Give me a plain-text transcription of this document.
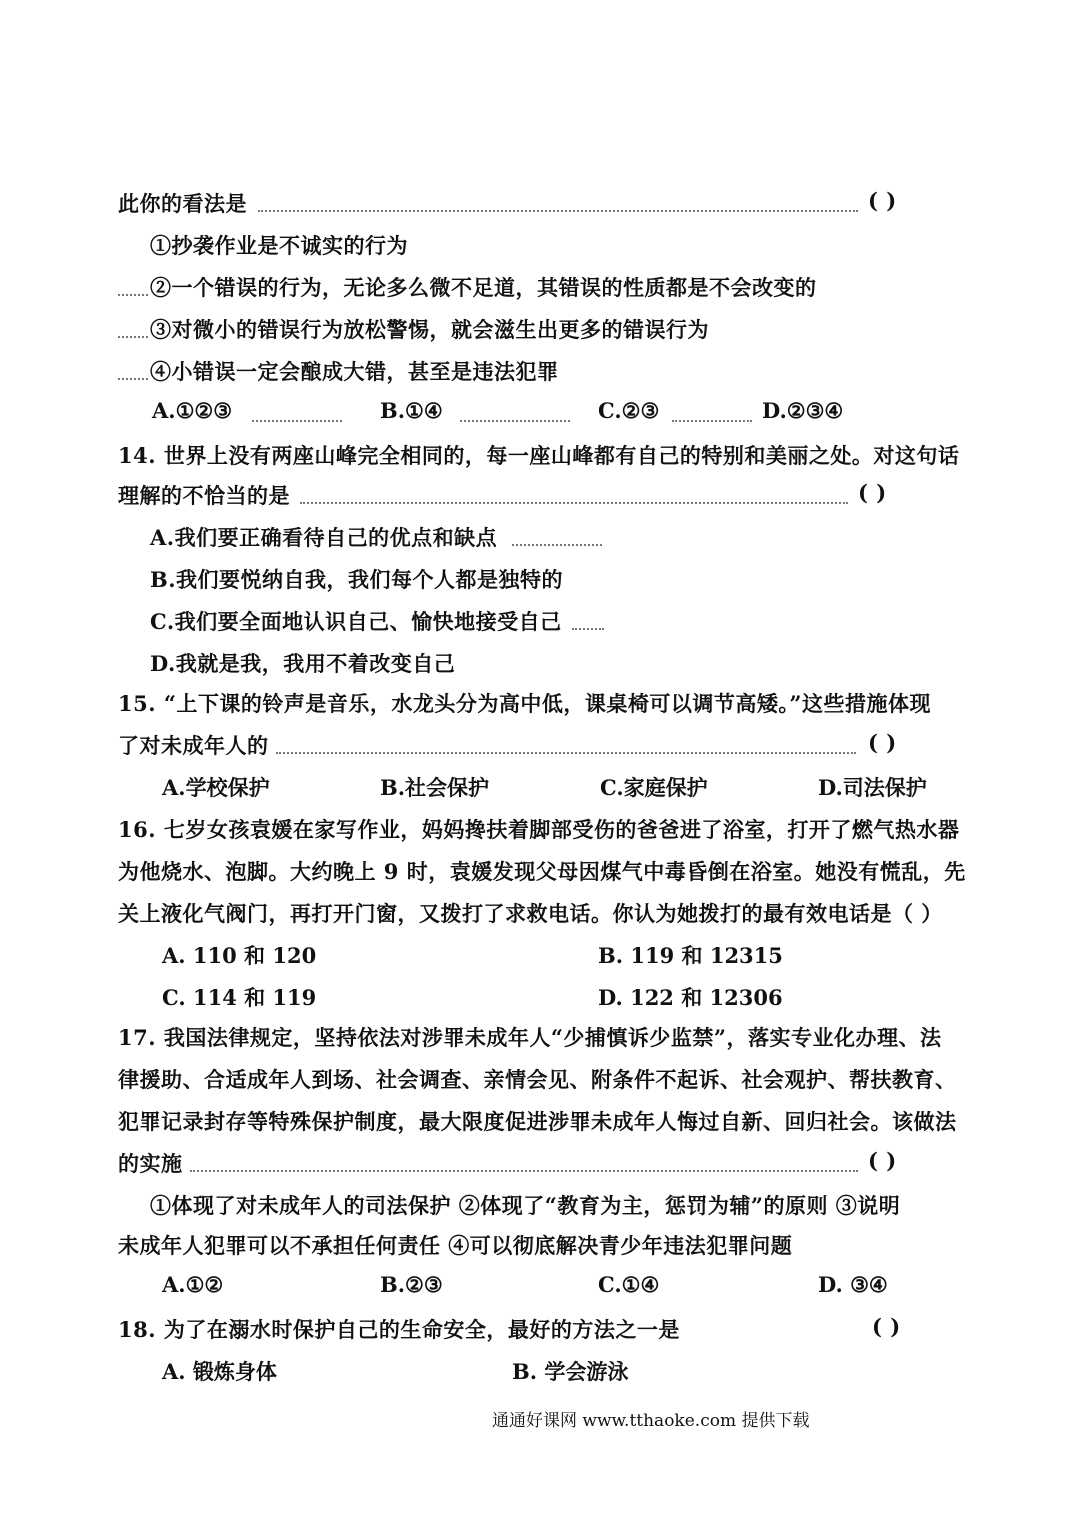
此你的看法是	( )
①抄袭作业是不诚实的行为
②一个错误的行为，无论多么微不足道，其错误的性质都是不会改变的
③对微小的错误行为放松警惕，就会滋生出更多的错误行为
④小错误一定会酿成大错，甚至是违法犯罪
A.①②③	B.①④	C.②③	D.②③④
14. 世界上没有两座山峰完全相同的，每一座山峰都有自己的特别和美丽之处。对这句话
理解的不恰当的是	( )
A.我们要正确看待自己的优点和缺点
B.我们要悦纳自我，我们每个人都是独特的
C.我们要全面地认识自己、愉快地接受自己
D.我就是我，我用不着改变自己
15. “上下课的铃声是音乐，水龙头分为高中低，课桌椅可以调节高矮。”这些措施体现
了对未成年人的	( )
A.学校保护	B.社会保护	C.家庭保护	D.司法保护
16. 七岁女孩袁媛在家写作业，妈妈搀扶着脚部受伤的爸爸进了浴室，打开了燃气热水器
为他烧水、泡脚。大约晚上 9 时，袁媛发现父母因煤气中毒昏倒在浴室。她没有慌乱，先
关上液化气阀门，再打开门窗，又拨打了求救电话。你认为她拨打的最有效电话是（ ）
A. 110 和 120	B. 119 和 12315
C. 114 和 119	D. 122 和 12306
17. 我国法律规定，坚持依法对涉罪未成年人“少捕慎诉少监禁”，落实专业化办理、法
律援助、合适成年人到场、社会调查、亲情会见、附条件不起诉、社会观护、帮扶教育、
犯罪记录封存等特殊保护制度，最大限度促进涉罪未成年人悔过自新、回归社会。该做法
的实施	( )
①体现了对未成年人的司法保护 ②体现了“教育为主，惩罚为辅”的原则 ③说明
未成年人犯罪可以不承担任何责任 ④可以彻底解决青少年违法犯罪问题
A.①②	B.②③	C.①④	D. ③④
18. 为了在溺水时保护自己的生命安全，最好的方法之一是	( )
A. 锻炼身体	B. 学会游泳
通通好课网 www.tthaoke.com 提供下载
